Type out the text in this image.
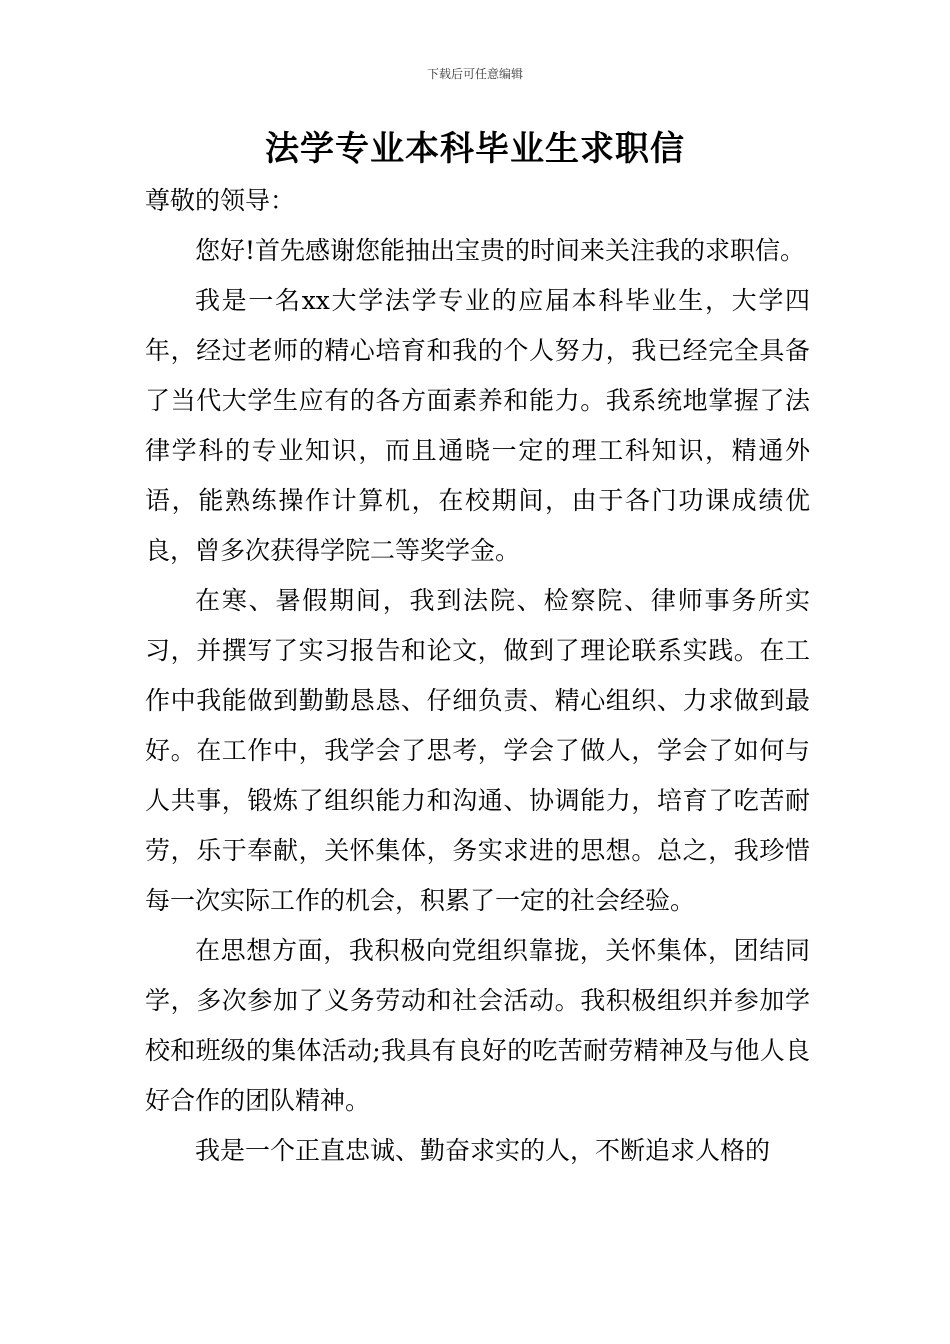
下载后可任意编辑
法学专业本科毕业生求职信

尊敬的领导：

您好!首先感谢您能抽出宝贵的时间来关注我的求职信。

我是一名xx大学法学专业的应届本科毕业生，大学四年，经过老师的精心培育和我的个人努力，我已经完全具备了当代大学生应有的各方面素养和能力。我系统地掌握了法律学科的专业知识，而且通晓一定的理工科知识，精通外语，能熟练操作计算机，在校期间，由于各门功课成绩优良，曾多次获得学院二等奖学金。

在寒、暑假期间，我到法院、检察院、律师事务所实习，并撰写了实习报告和论文，做到了理论联系实践。在工作中我能做到勤勤恳恳、仔细负责、精心组织、力求做到最好。在工作中，我学会了思考，学会了做人，学会了如何与人共事，锻炼了组织能力和沟通、协调能力，培育了吃苦耐劳，乐于奉献，关怀集体，务实求进的思想。总之，我珍惜每一次实际工作的机会，积累了一定的社会经验。

在思想方面，我积极向党组织靠拢，关怀集体，团结同学，多次参加了义务劳动和社会活动。我积极组织并参加学校和班级的集体活动;我具有良好的吃苦耐劳精神及与他人良好合作的团队精神。

我是一个正直忠诚、勤奋求实的人，不断追求人格的
